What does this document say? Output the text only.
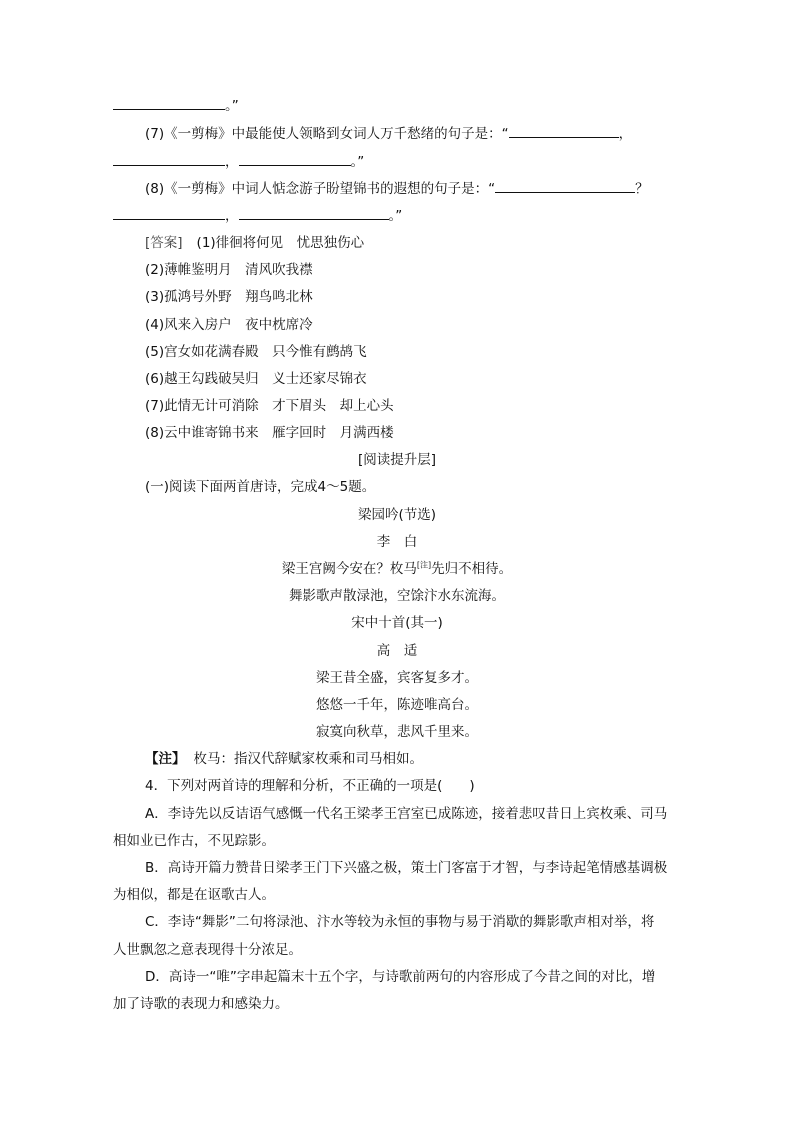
。”
(7)《一剪梅》中最能使人领略到女词人万千愁绪的句子是：“	，
，	。”
(8)《一剪梅》中词人惦念游子盼望锦书的遐想的句子是：“	？
，	。”
[答案] (1)徘徊将何见　忧思独伤心
(2)薄帷鉴明月　清风吹我襟
(3)孤鸿号外野　翔鸟鸣北林
(4)风来入房户　夜中枕席冷
(5)宫女如花满春殿　只今惟有鹧鸪飞
(6)越王勾践破吴归　义士还家尽锦衣
(7)此情无计可消除　才下眉头　却上心头
(8)云中谁寄锦书来　雁字回时　月满西楼
[阅读提升层]
(一)阅读下面两首唐诗，完成4～5题。
梁园吟(节选)
李　白
梁王宫阙今安在？枚马[注]先归不相待。
舞影歌声散渌池，空馀汴水东流海。
宋中十首(其一)
高　适
梁王昔全盛，宾客复多才。
悠悠一千年，陈迹唯高台。
寂寞向秋草，悲风千里来。
【注】 枚马：指汉代辞赋家枚乘和司马相如。
4．下列对两首诗的理解和分析，不正确的一项是(　　)
A．李诗先以反诘语气感慨一代名王梁孝王宫室已成陈迹，接着悲叹昔日上宾枚乘、司马
相如业已作古，不见踪影。
B．高诗开篇力赞昔日梁孝王门下兴盛之极，策士门客富于才智，与李诗起笔情感基调极
为相似，都是在讴歌古人。
C．李诗“舞影”二句将渌池、汴水等较为永恒的事物与易于消歇的舞影歌声相对举，将
人世飘忽之意表现得十分浓足。
D．高诗一“唯”字串起篇末十五个字，与诗歌前两句的内容形成了今昔之间的对比，增
加了诗歌的表现力和感染力。
